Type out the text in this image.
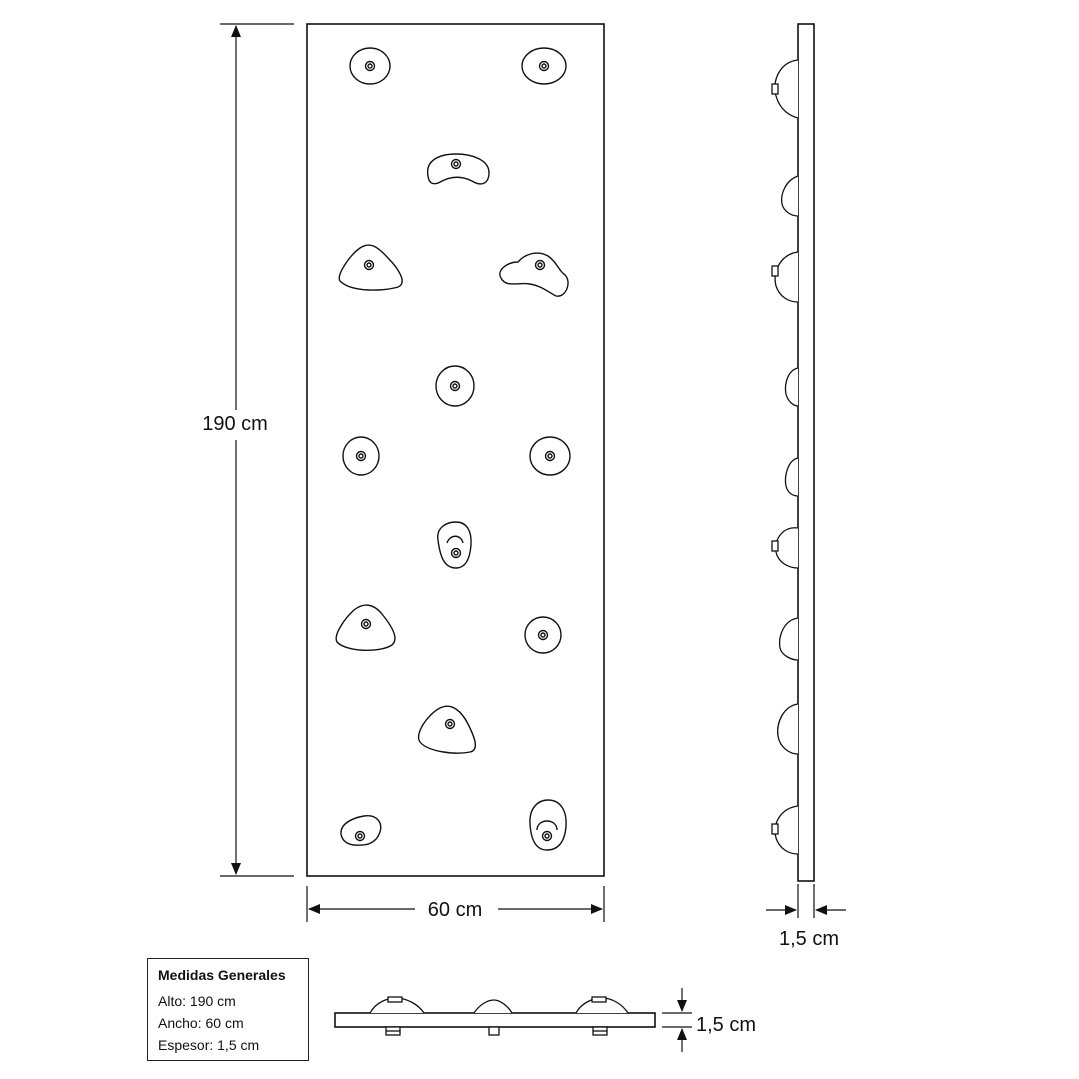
190 cm
60 cm
1,5 cm
1,5 cm
Medidas Generales
Alto: 190 cm
Ancho: 60 cm
Espesor: 1,5 cm
